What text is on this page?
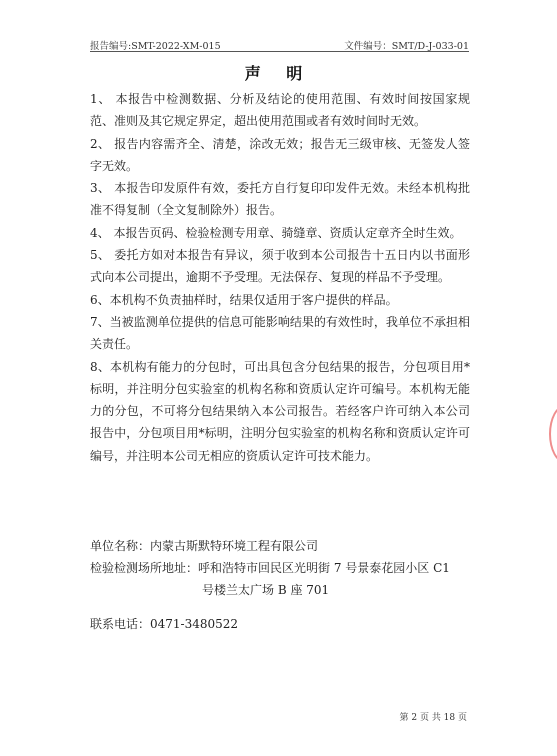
报告编号:SMT-2022-XM-015	文件编号：SMT/D-J-033-01
声 明

1、 本报告中检测数据、分析及结论的使用范围、有效时间按国家规范、准则及其它规定界定，超出使用范围或者有效时间时无效。

2、 报告内容需齐全、清楚，涂改无效；报告无三级审核、无签发人签字无效。

3、 本报告印发原件有效，委托方自行复印印发件无效。未经本机构批准不得复制（全文复制除外）报告。

4、 本报告页码、检验检测专用章、骑缝章、资质认定章齐全时生效。

5、 委托方如对本报告有异议，须于收到本公司报告十五日内以书面形式向本公司提出，逾期不予受理。无法保存、复现的样品不予受理。

6、本机构不负责抽样时，结果仅适用于客户提供的样品。

7、当被监测单位提供的信息可能影响结果的有效性时，我单位不承担相关责任。

8、本机构有能力的分包时，可出具包含分包结果的报告，分包项目用*标明，并注明分包实验室的机构名称和资质认定许可编号。本机构无能力的分包，不可将分包结果纳入本公司报告。若经客户许可纳入本公司报告中，分包项目用*标明，注明分包实验室的机构名称和资质认定许可编号，并注明本公司无相应的资质认定许可技术能力。

单位名称：内蒙古斯默特环境工程有限公司
检验检测场所地址：呼和浩特市回民区光明街 7 号景泰花园小区 C1
号楼兰太广场 B 座 701
联系电话：0471-3480522
第 2 页 共 18 页
